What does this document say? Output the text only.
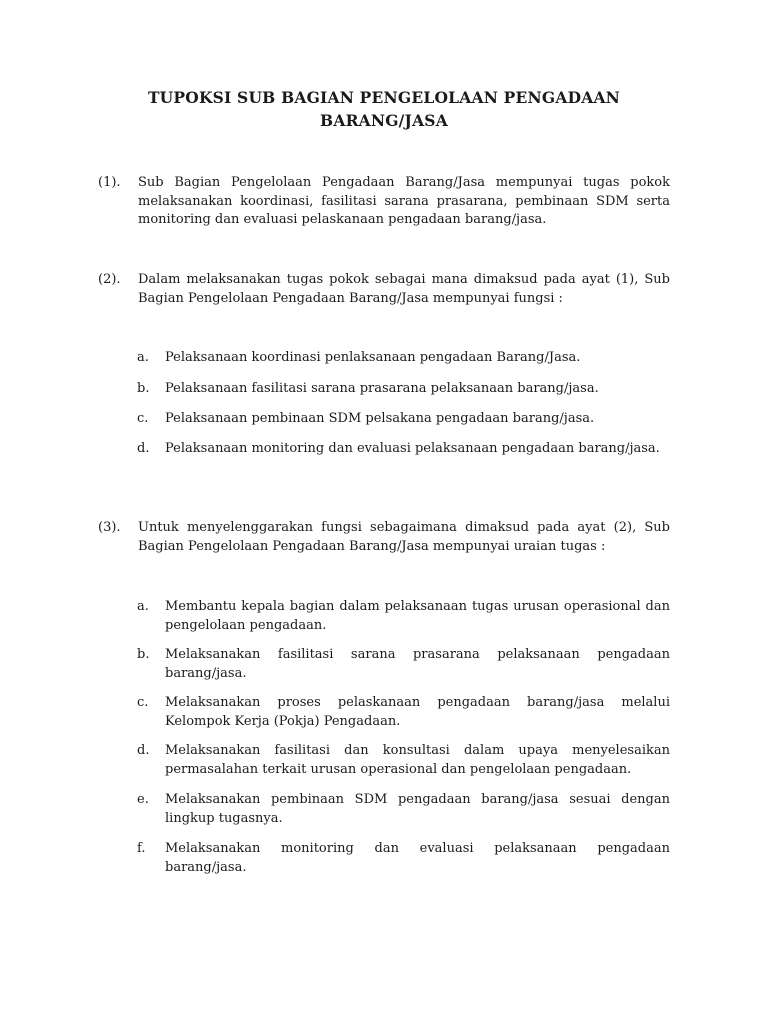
TUPOKSI SUB BAGIAN PENGELOLAAN PENGADAAN BARANG/JASA
(1). Sub Bagian Pengelolaan Pengadaan Barang/Jasa mempunyai tugas pokok melaksanakan koordinasi, fasilitasi sarana prasarana, pembinaan SDM serta monitoring dan evaluasi pelaskanaan pengadaan barang/jasa.
(2). Dalam melaksanakan tugas pokok sebagai mana dimaksud pada ayat (1), Sub Bagian Pengelolaan Pengadaan Barang/Jasa mempunyai fungsi :
a. Pelaksanaan koordinasi penlaksanaan pengadaan Barang/Jasa.
b. Pelaksanaan fasilitasi sarana prasarana pelaksanaan barang/jasa.
c. Pelaksanaan pembinaan SDM pelsakana pengadaan barang/jasa.
d. Pelaksanaan monitoring dan evaluasi pelaksanaan pengadaan barang/jasa.
(3). Untuk menyelenggarakan fungsi sebagaimana dimaksud pada ayat (2), Sub Bagian Pengelolaan Pengadaan Barang/Jasa mempunyai uraian tugas :
a. Membantu kepala bagian dalam pelaksanaan tugas urusan operasional dan pengelolaan pengadaan.
b. Melaksanakan fasilitasi sarana prasarana pelaksanaan pengadaan barang/jasa.
c. Melaksanakan proses pelaskanaan pengadaan barang/jasa melalui Kelompok Kerja (Pokja) Pengadaan.
d. Melaksanakan fasilitasi dan konsultasi dalam upaya menyelesaikan permasalahan terkait urusan operasional dan pengelolaan pengadaan.
e. Melaksanakan pembinaan SDM pengadaan barang/jasa sesuai dengan lingkup tugasnya.
f. Melaksanakan monitoring dan evaluasi pelaksanaan pengadaan barang/jasa.
